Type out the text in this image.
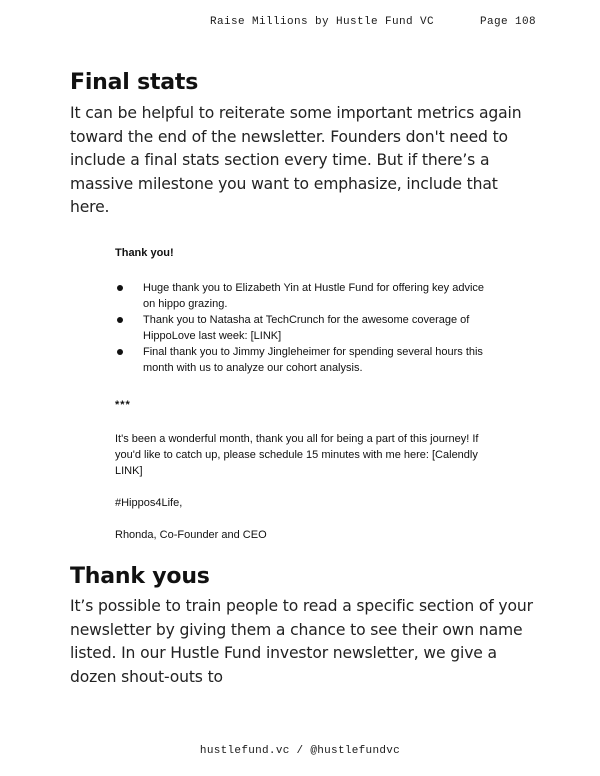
Raise Millions by Hustle Fund VC	Page 108
Final stats

It can be helpful to reiterate some important metrics again toward the end of the newsletter. Founders don't need to include a final stats section every time. But if there’s a massive milestone you want to emphasize, include that here.

Thank you!

Huge thank you to Elizabeth Yin at Hustle Fund for offering key advice on hippo grazing.
Thank you to Natasha at TechCrunch for the awesome coverage of HippoLove last week: [LINK]
Final thank you to Jimmy Jingleheimer for spending several hours this month with us to analyze our cohort analysis.

***

It's been a wonderful month, thank you all for being a part of this journey! If you'd like to catch up, please schedule 15 minutes with me here: [Calendly LINK]

#Hippos4Life,

Rhonda, Co-Founder and CEO

Thank yous

It’s possible to train people to read a specific section of your newsletter by giving them a chance to see their own name listed. In our Hustle Fund investor newsletter, we give a dozen shout-outs to

hustlefund.vc / @hustlefundvc
